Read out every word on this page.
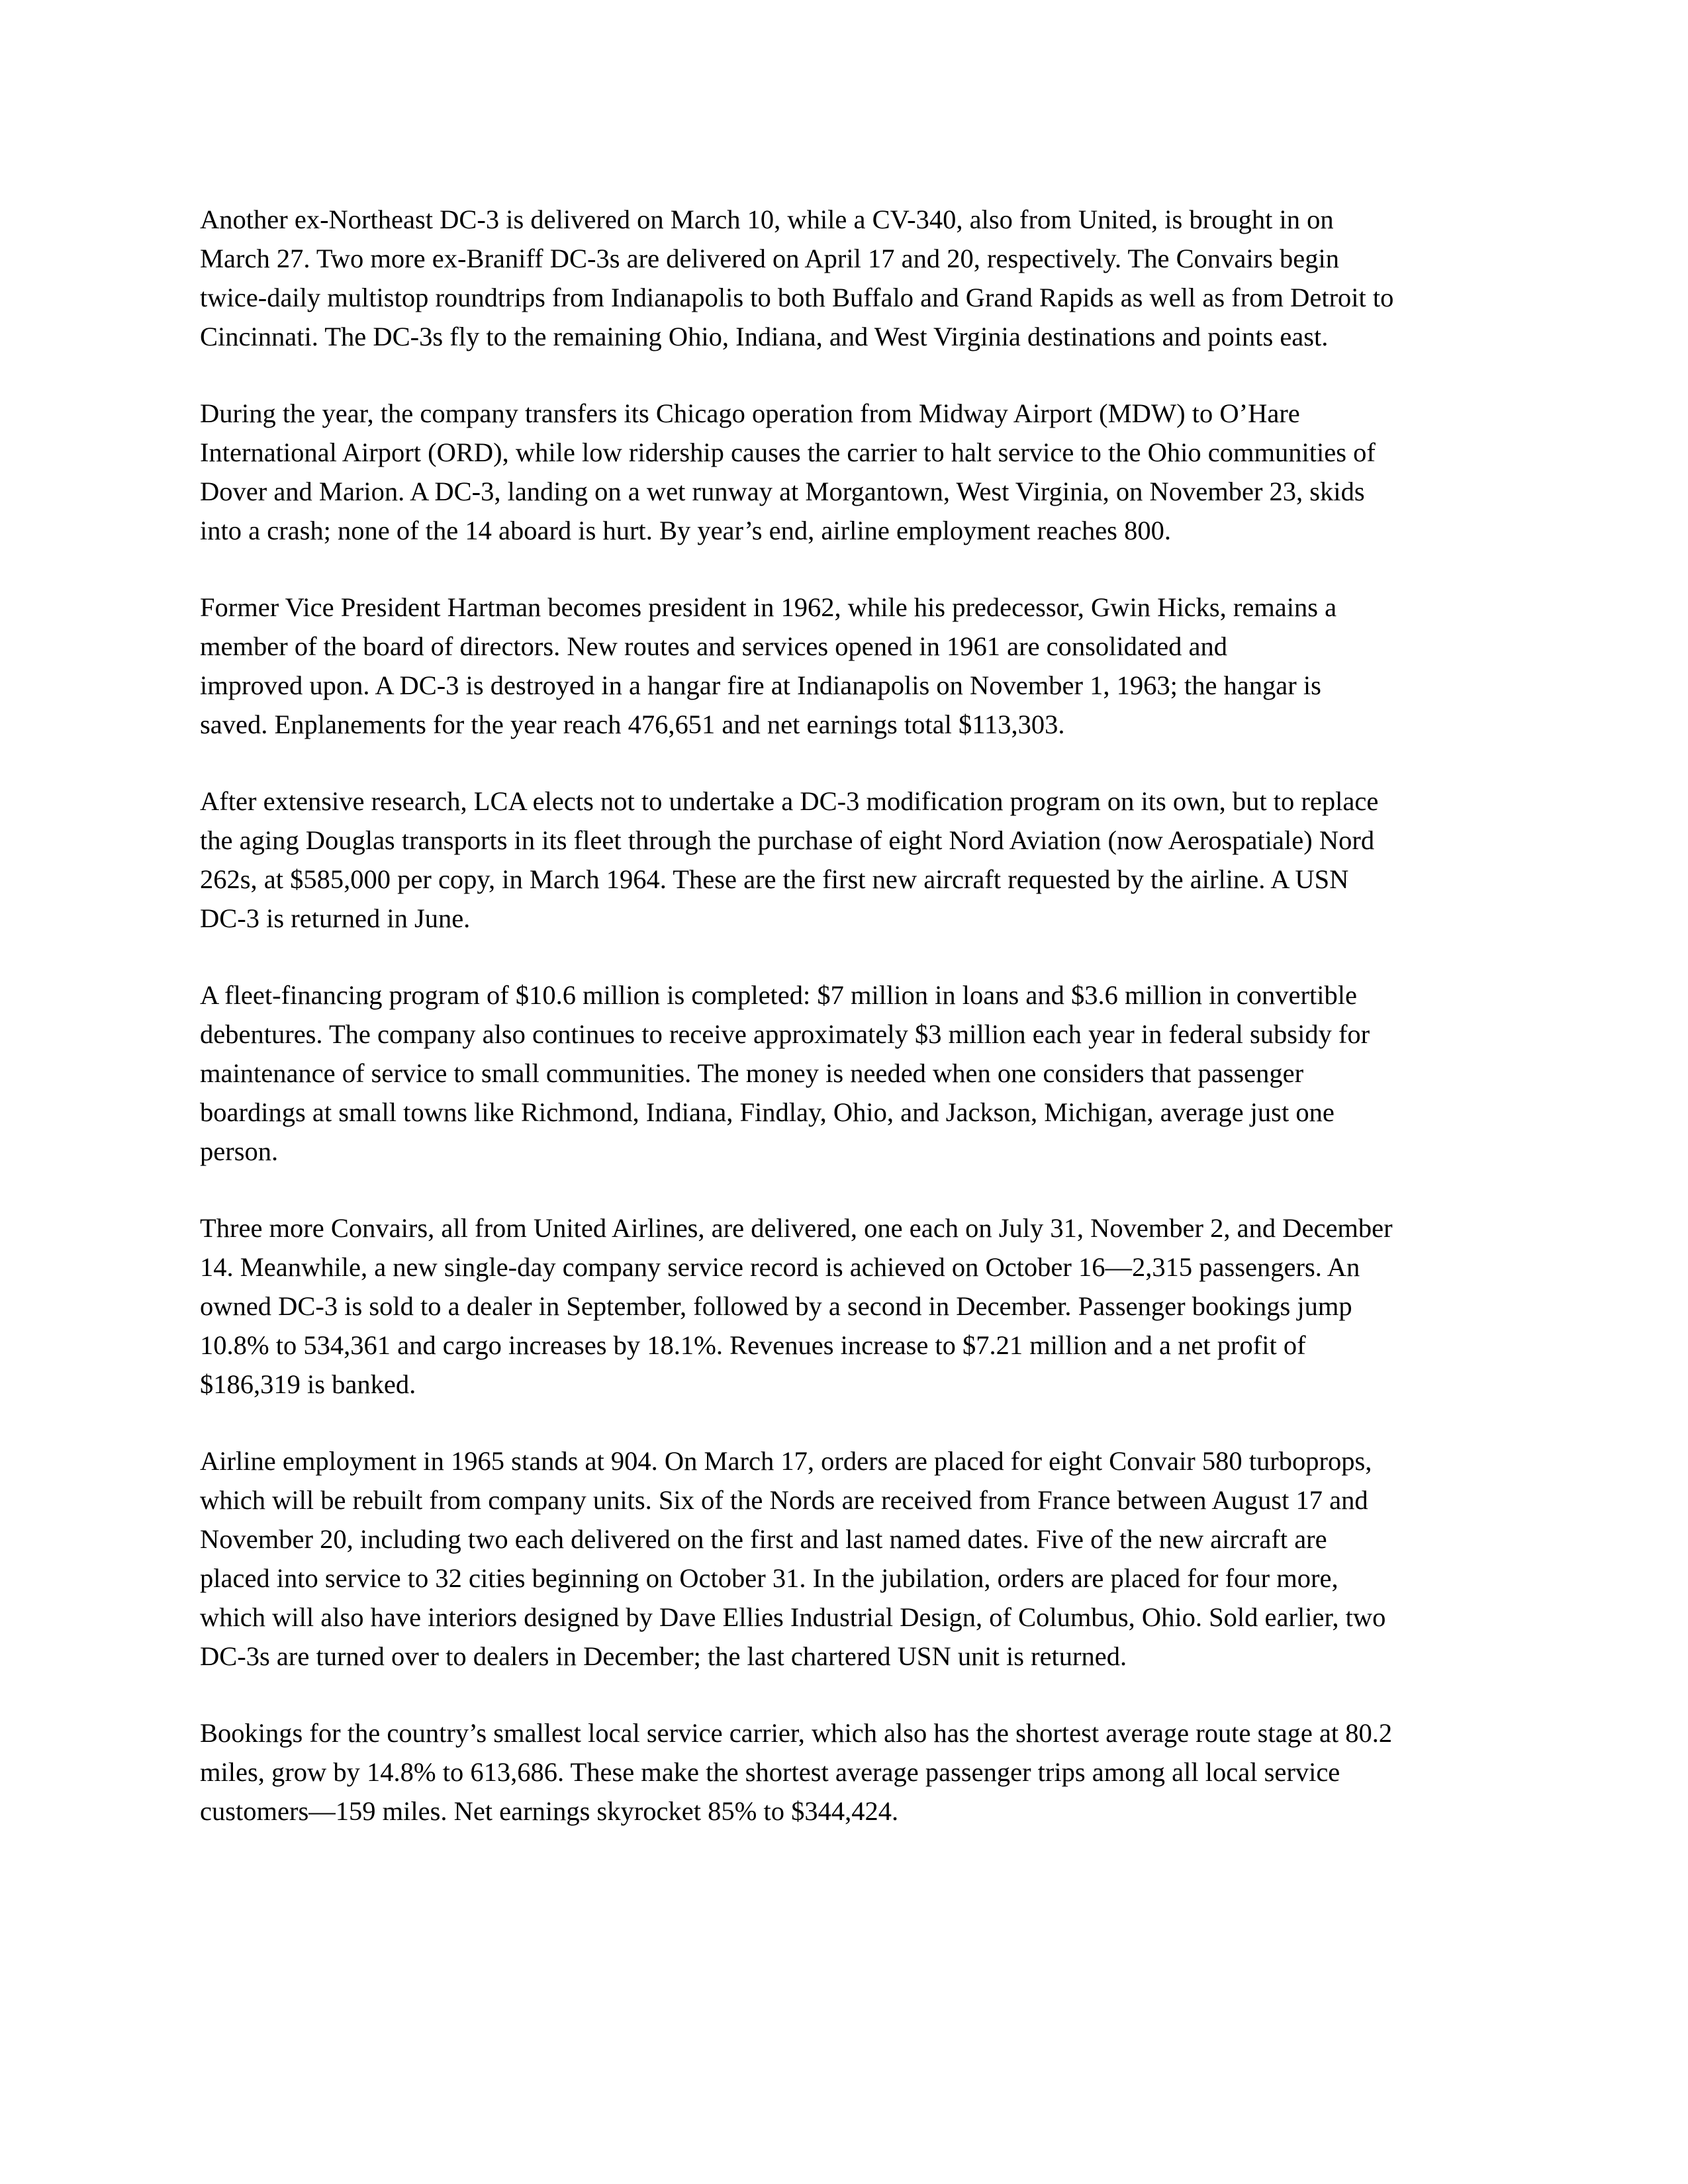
Another ex-Northeast DC-3 is delivered on March 10, while a CV-340, also from United, is brought in on
March 27. Two more ex-Braniff DC-3s are delivered on April 17 and 20, respectively. The Convairs begin
twice-daily multistop roundtrips from Indianapolis to both Buffalo and Grand Rapids as well as from Detroit to
Cincinnati. The DC-3s fly to the remaining Ohio, Indiana, and West Virginia destinations and points east.

During the year, the company transfers its Chicago operation from Midway Airport (MDW) to O’Hare
International Airport (ORD), while low ridership causes the carrier to halt service to the Ohio communities of
Dover and Marion. A DC-3, landing on a wet runway at Morgantown, West Virginia, on November 23, skids
into a crash; none of the 14 aboard is hurt. By year’s end, airline employment reaches 800.

Former Vice President Hartman becomes president in 1962, while his predecessor, Gwin Hicks, remains a
member of the board of directors. New routes and services opened in 1961 are consolidated and
improved upon. A DC-3 is destroyed in a hangar fire at Indianapolis on November 1, 1963; the hangar is
saved. Enplanements for the year reach 476,651 and net earnings total $113,303.

After extensive research, LCA elects not to undertake a DC-3 modification program on its own, but to replace
the aging Douglas transports in its fleet through the purchase of eight Nord Aviation (now Aerospatiale) Nord
262s, at $585,000 per copy, in March 1964. These are the first new aircraft requested by the airline. A USN
DC-3 is returned in June.

A fleet-financing program of $10.6 million is completed: $7 million in loans and $3.6 million in convertible
debentures. The company also continues to receive approximately $3 million each year in federal subsidy for
maintenance of service to small communities. The money is needed when one considers that passenger
boardings at small towns like Richmond, Indiana, Findlay, Ohio, and Jackson, Michigan, average just one
person.

Three more Convairs, all from United Airlines, are delivered, one each on July 31, November 2, and December
14. Meanwhile, a new single-day company service record is achieved on October 16—2,315 passengers. An
owned DC-3 is sold to a dealer in September, followed by a second in December. Passenger bookings jump
10.8% to 534,361 and cargo increases by 18.1%. Revenues increase to $7.21 million and a net profit of
$186,319 is banked.

Airline employment in 1965 stands at 904. On March 17, orders are placed for eight Convair 580 turboprops,
which will be rebuilt from company units. Six of the Nords are received from France between August 17 and
November 20, including two each delivered on the first and last named dates. Five of the new aircraft are
placed into service to 32 cities beginning on October 31. In the jubilation, orders are placed for four more,
which will also have interiors designed by Dave Ellies Industrial Design, of Columbus, Ohio. Sold earlier, two
DC-3s are turned over to dealers in December; the last chartered USN unit is returned.

Bookings for the country’s smallest local service carrier, which also has the shortest average route stage at 80.2
miles, grow by 14.8% to 613,686. These make the shortest average passenger trips among all local service
customers—159 miles. Net earnings skyrocket 85% to $344,424.
